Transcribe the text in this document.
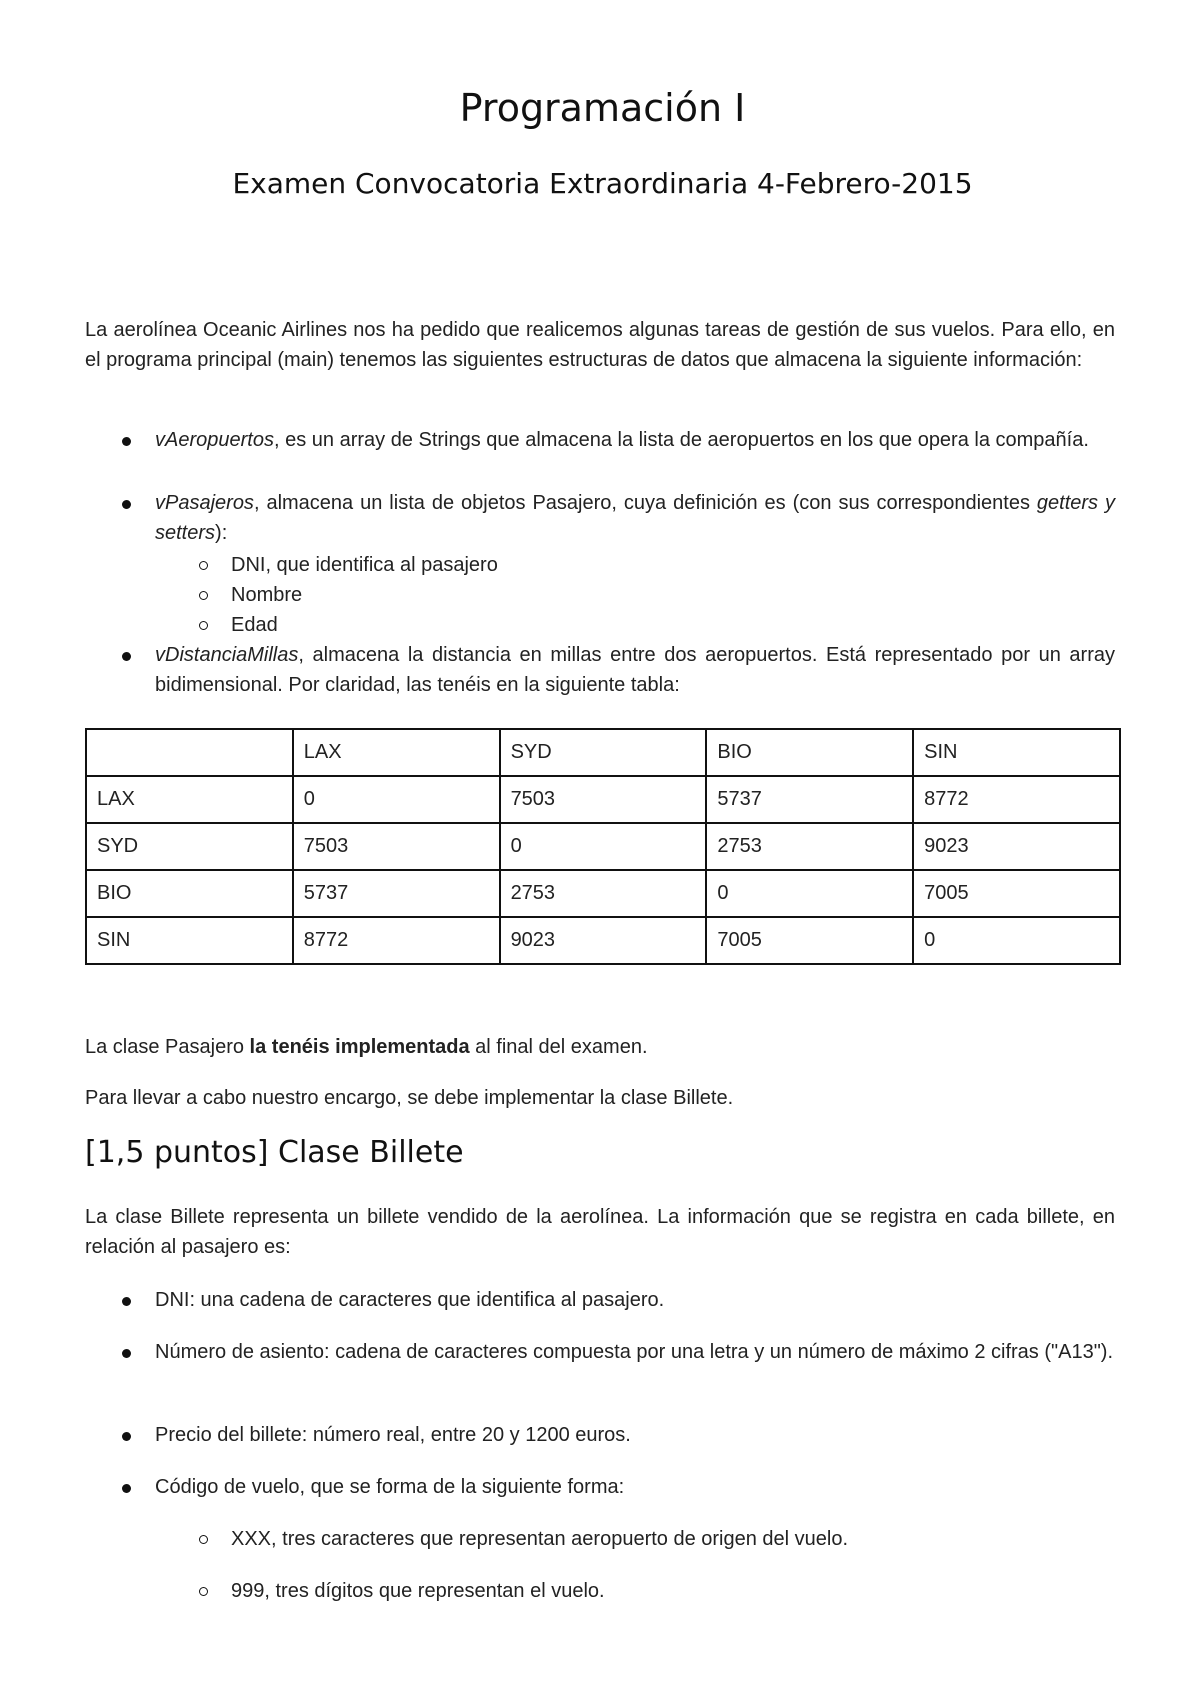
Programación I
Examen Convocatoria Extraordinaria 4-Febrero-2015

La aerolínea Oceanic Airlines nos ha pedido que realicemos algunas tareas de gestión de sus vuelos. Para ello, en el programa principal (main) tenemos las siguientes estructuras de datos que almacena la siguiente información:

vAeropuertos, es un array de Strings que almacena la lista de aeropuertos en los que opera la compañía.
vPasajeros, almacena un lista de objetos Pasajero, cuya definición es (con sus correspondientes getters y setters):
DNI, que identifica al pasajero
Nombre
Edad
vDistanciaMillas, almacena la distancia en millas entre dos aeropuertos. Está representado por un array bidimensional. Por claridad, las tenéis en la siguiente tabla:
	LAX	SYD	BIO	SIN
LAX	0	7503	5737	8772
SYD	7503	0	2753	9023
BIO	5737	2753	0	7005
SIN	8772	9023	7005	0
La clase Pasajero la tenéis implementada al final del examen.

Para llevar a cabo nuestro encargo, se debe implementar la clase Billete.

[1,5 puntos] Clase Billete

La clase Billete representa un billete vendido de la aerolínea. La información que se registra en cada billete, en relación al pasajero es:

DNI: una cadena de caracteres que identifica al pasajero.
Número de asiento: cadena de caracteres compuesta por una letra y un número de máximo 2 cifras ("A13").
Precio del billete: número real, entre 20 y 1200 euros.
Código de vuelo, que se forma de la siguiente forma:
XXX, tres caracteres que representan aeropuerto de origen del vuelo.
999, tres dígitos que representan el vuelo.
